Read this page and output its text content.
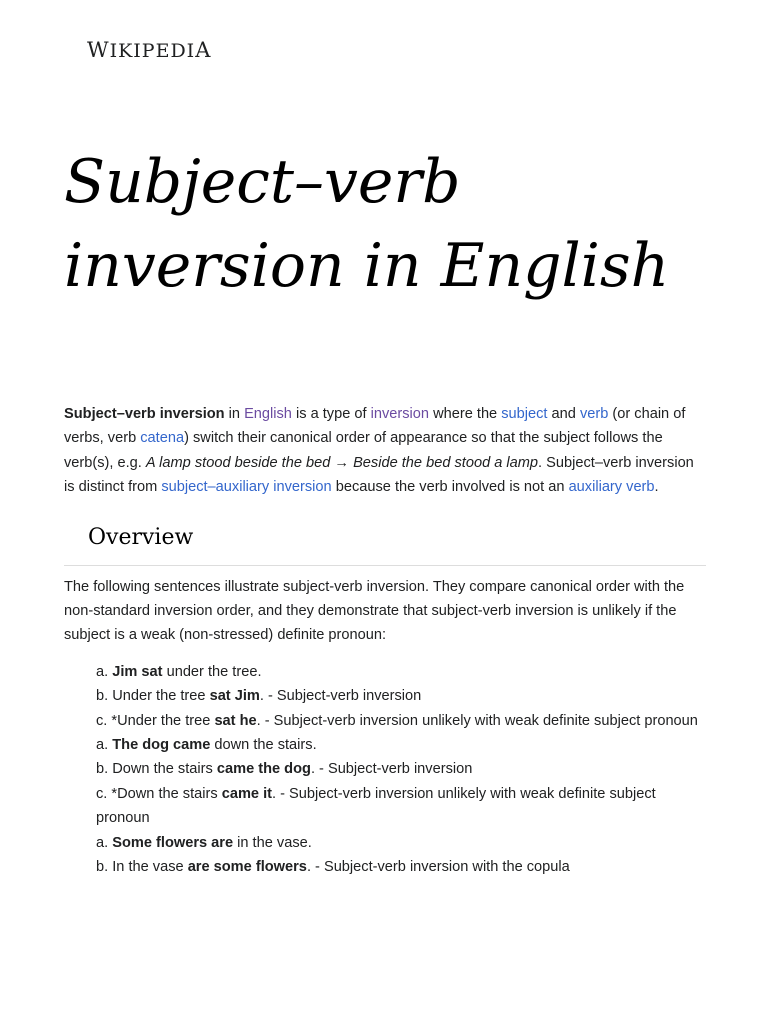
WIKIPEDIA
Subject–verb inversion in English

Subject–verb inversion in English is a type of inversion where the subject and verb (or chain of verbs, verb catena) switch their canonical order of appearance so that the subject follows the verb(s), e.g. A lamp stood beside the bed → Beside the bed stood a lamp. Subject–verb inversion is distinct from subject–auxiliary inversion because the verb involved is not an auxiliary verb.

Overview

The following sentences illustrate subject-verb inversion. They compare canonical order with the non-standard inversion order, and they demonstrate that subject-verb inversion is unlikely if the subject is a weak (non-stressed) definite pronoun:

a. Jim sat under the tree.
b. Under the tree sat Jim. - Subject-verb inversion
c. *Under the tree sat he. - Subject-verb inversion unlikely with weak definite subject pronoun
a. The dog came down the stairs.
b. Down the stairs came the dog. - Subject-verb inversion
c. *Down the stairs came it. - Subject-verb inversion unlikely with weak definite subject pronoun
a. Some flowers are in the vase.
b. In the vase are some flowers. - Subject-verb inversion with the copula
